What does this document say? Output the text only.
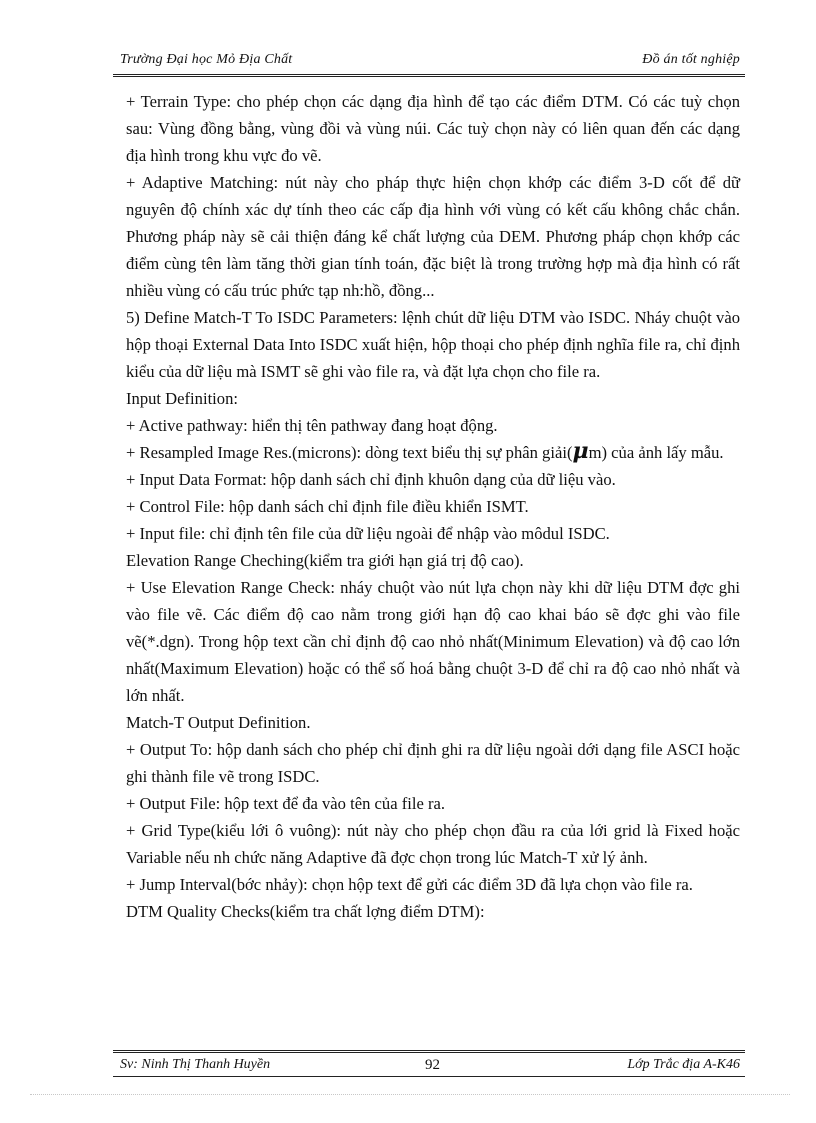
Trường Đại học Mỏ Địa Chất	Đồ án tốt nghiệp

+ Terrain Type: cho phép chọn các dạng địa hình để tạo các điểm DTM. Có các tuỳ chọn sau: Vùng đồng bằng, vùng đồi và vùng núi. Các tuỳ chọn này có liên quan đến các dạng địa hình trong khu vực đo vẽ.

+ Adaptive Matching: nút này cho pháp thực hiện chọn khớp các điểm 3-D cốt để dữ nguyên độ chính xác dự tính theo các cấp địa hình với vùng có kết cấu không chắc chắn. Phương pháp này sẽ cải thiện đáng kể chất lượng của DEM. Phương pháp chọn khớp các điểm cùng tên làm tăng thời gian tính toán, đặc biệt là trong trường hợp mà địa hình có rất nhiều vùng có cấu trúc phức tạp nh:hồ, đồng...

5) Define Match-T To ISDC Parameters: lệnh chút dữ liệu DTM vào ISDC. Nháy chuột vào hộp thoại External Data Into ISDC xuất hiện, hộp thoại cho phép định nghĩa file ra, chỉ định kiểu của dữ liệu mà ISMT sẽ ghi vào file ra, và đặt lựa chọn cho file ra.

Input Definition:

+ Active pathway: hiển thị tên pathway đang hoạt động.

+ Resampled Image Res.(microns): dòng text biểu thị sự phân giải(μm) của ảnh lấy mẫu.

+ Input Data Format: hộp danh sách chỉ định khuôn dạng của dữ liệu vào.

+ Control File: hộp danh sách chỉ định file điều khiển ISMT.

+ Input file: chỉ định tên file của dữ liệu ngoài để nhập vào môdul ISDC.

Elevation Range Cheching(kiểm tra giới hạn giá trị độ cao).

+ Use Elevation Range Check: nháy chuột vào nút lựa chọn này khi dữ liệu DTM đợc ghi vào file vẽ. Các điểm độ cao nằm trong giới hạn độ cao khai báo sẽ đợc ghi vào file vẽ(*.dgn). Trong hộp text cần chỉ định độ cao nhỏ nhất(Minimum Elevation) và độ cao lớn nhất(Maximum Elevation) hoặc có thể số hoá bằng chuột 3-D để chỉ ra độ cao nhỏ nhất và lớn nhất.

Match-T Output Definition.

+ Output To: hộp danh sách cho phép chỉ định ghi ra dữ liệu ngoài dới dạng file ASCI hoặc ghi thành file vẽ trong ISDC.

+ Output File: hộp text để đa vào tên của file ra.

+ Grid Type(kiểu lới ô vuông): nút này cho phép chọn đầu ra của lới grid là Fixed hoặc Variable nếu nh chức năng Adaptive đã đợc chọn trong lúc Match-T xử lý ảnh.

+ Jump Interval(bớc nhảy): chọn hộp text để gửi các điểm 3D đã lựa chọn vào file ra.

DTM Quality Checks(kiểm tra chất lợng điểm DTM):

Sv: Ninh Thị Thanh Huyền	92	Lớp Trắc địa A-K46
